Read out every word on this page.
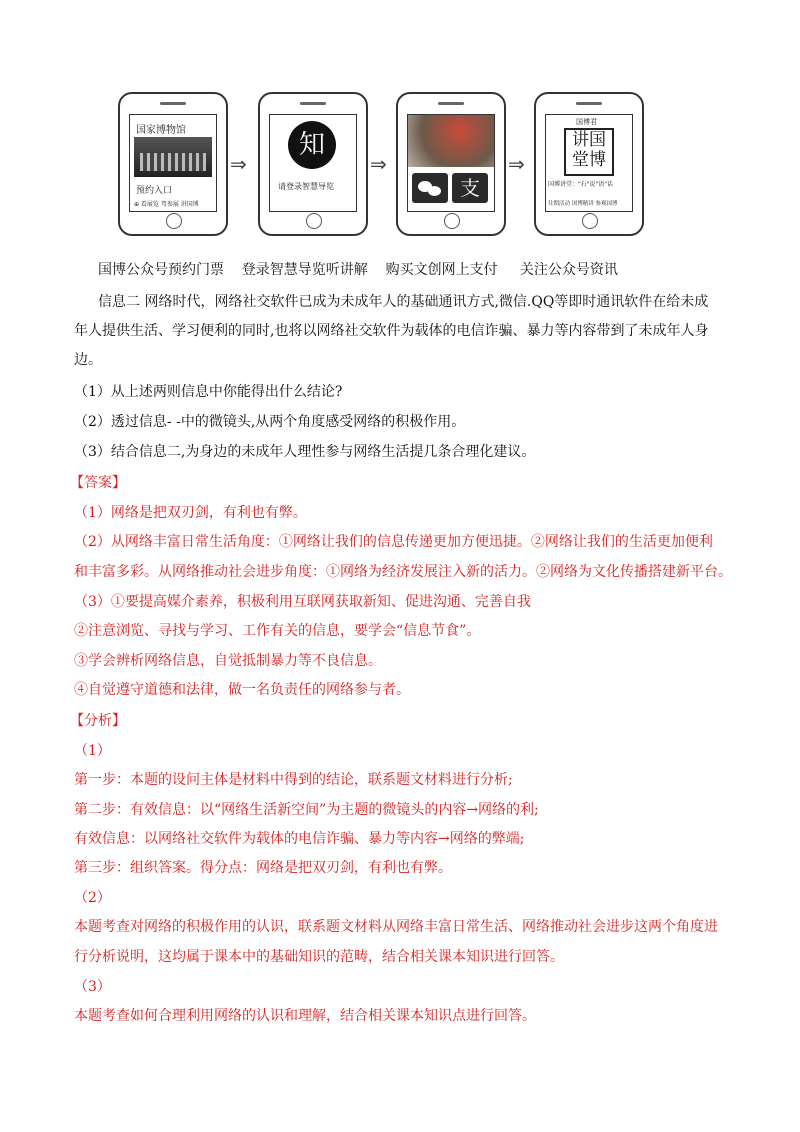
国家博物馆
预约入口
⊕ 看展览 驾参展 讲国博
⇒
知
请登录智慧导览
⇒
支
⇒
国博君
讲国堂博
国博讲堂："石"说"语"话
往期活动 国博精讲 参观国博
国博公众号预约门票    登录智慧导览听讲解    购买文创网上支付     关注公众号资讯
信息二 网络时代，网络社交软件已成为未成年人的基础通讯方式,微信.QQ等即时通讯软件在给未成
年人提供生活、学习便利的同时,也将以网络社交软件为载体的电信诈骗、暴力等内容带到了未成年人身
边。
（1）从上述两则信息中你能得出什么结论?
（2）透过信息- -中的微镜头,从两个角度感受网络的积极作用。
（3）结合信息二,为身边的未成年人理性参与网络生活提几条合理化建议。
【答案】
（1）网络是把双刃剑，有利也有弊。
（2）从网络丰富日常生活角度：①网络让我们的信息传递更加方便迅捷。②网络让我们的生活更加便利
和丰富多彩。从网络推动社会进步角度：①网络为经济发展注入新的活力。②网络为文化传播搭建新平台。
（3）①要提高媒介素养，积极利用互联网获取新知、促进沟通、完善自我
②注意浏览、寻找与学习、工作有关的信息，要学会“信息节食”。
③学会辨析网络信息，自觉抵制暴力等不良信息。
④自觉遵守道德和法律，做一名负责任的网络参与者。
【分析】
（1）
第一步：本题的设问主体是材料中得到的结论，联系题文材料进行分析;
第二步：有效信息：以“网络生活新空间”为主题的微镜头的内容→网络的利;
有效信息：以网络社交软件为载体的电信诈骗、暴力等内容→网络的弊端;
第三步：组织答案。得分点：网络是把双刃剑，有利也有弊。
（2）
本题考查对网络的积极作用的认识，联系题文材料从网络丰富日常生活、网络推动社会进步这两个角度进
行分析说明，这均属于课本中的基础知识的范畴，结合相关课本知识进行回答。
（3）
本题考查如何合理利用网络的认识和理解，结合相关课本知识点进行回答。
